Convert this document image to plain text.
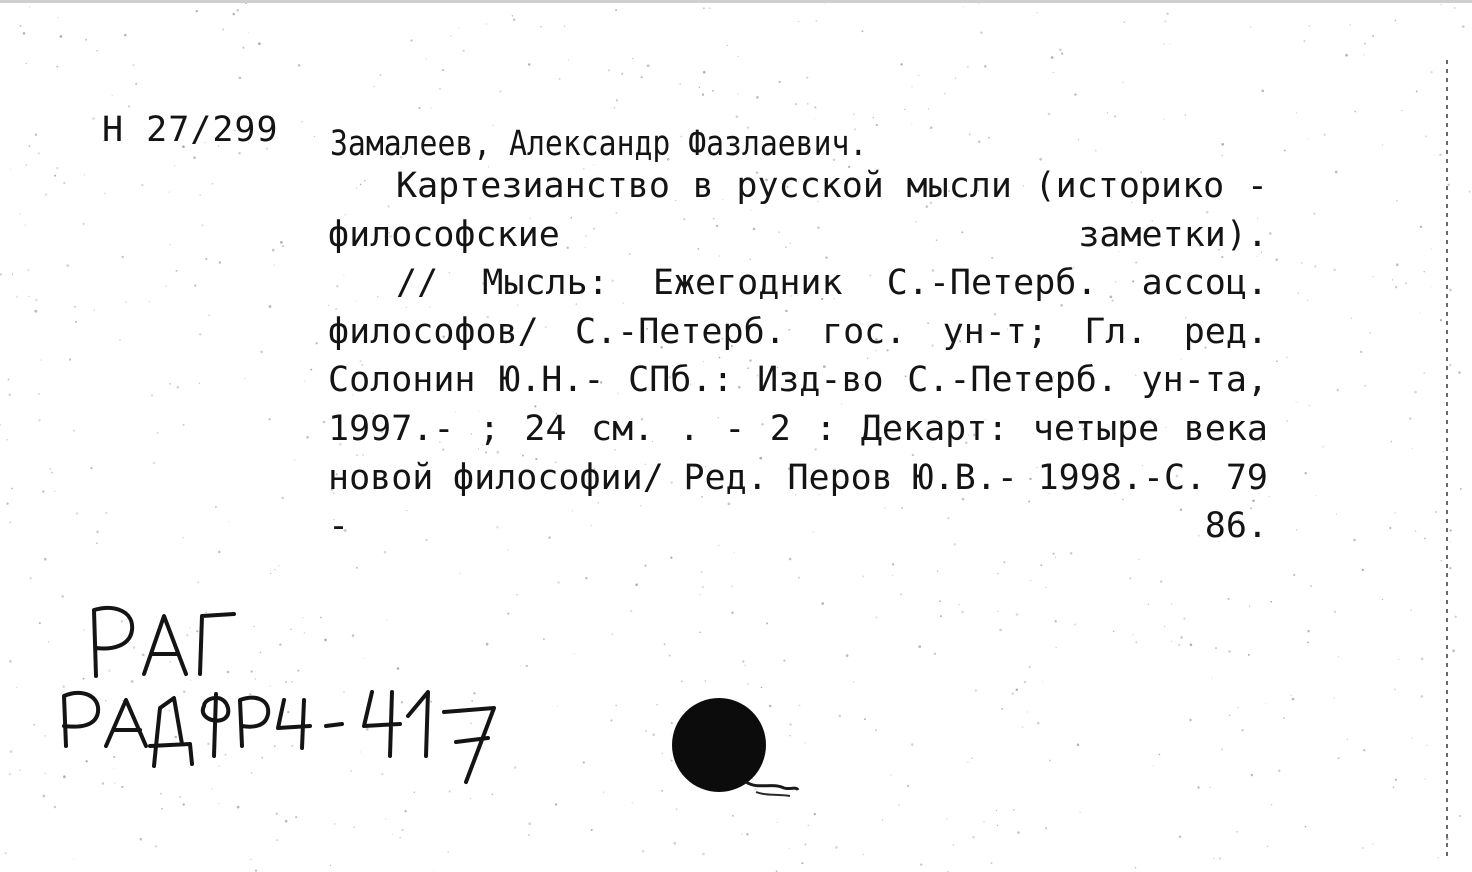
Н 27/299 Замалеев, Александр Фазлаевич.

Картезианство в русской мысли (историко - философские заметки).

// Мысль: Ежегодник С.-Петерб. ассоц. философов/ С.-Петерб. гос. ун-т; Гл. ред. Солонин Ю.Н.- СПб.: Изд-во С.-Петерб. ун-та, 1997.- ; 24 см. . - 2 : Декарт: четыре века новой философии/ Ред. Перов Ю.В.- 1998.-С. 79 - 86.
